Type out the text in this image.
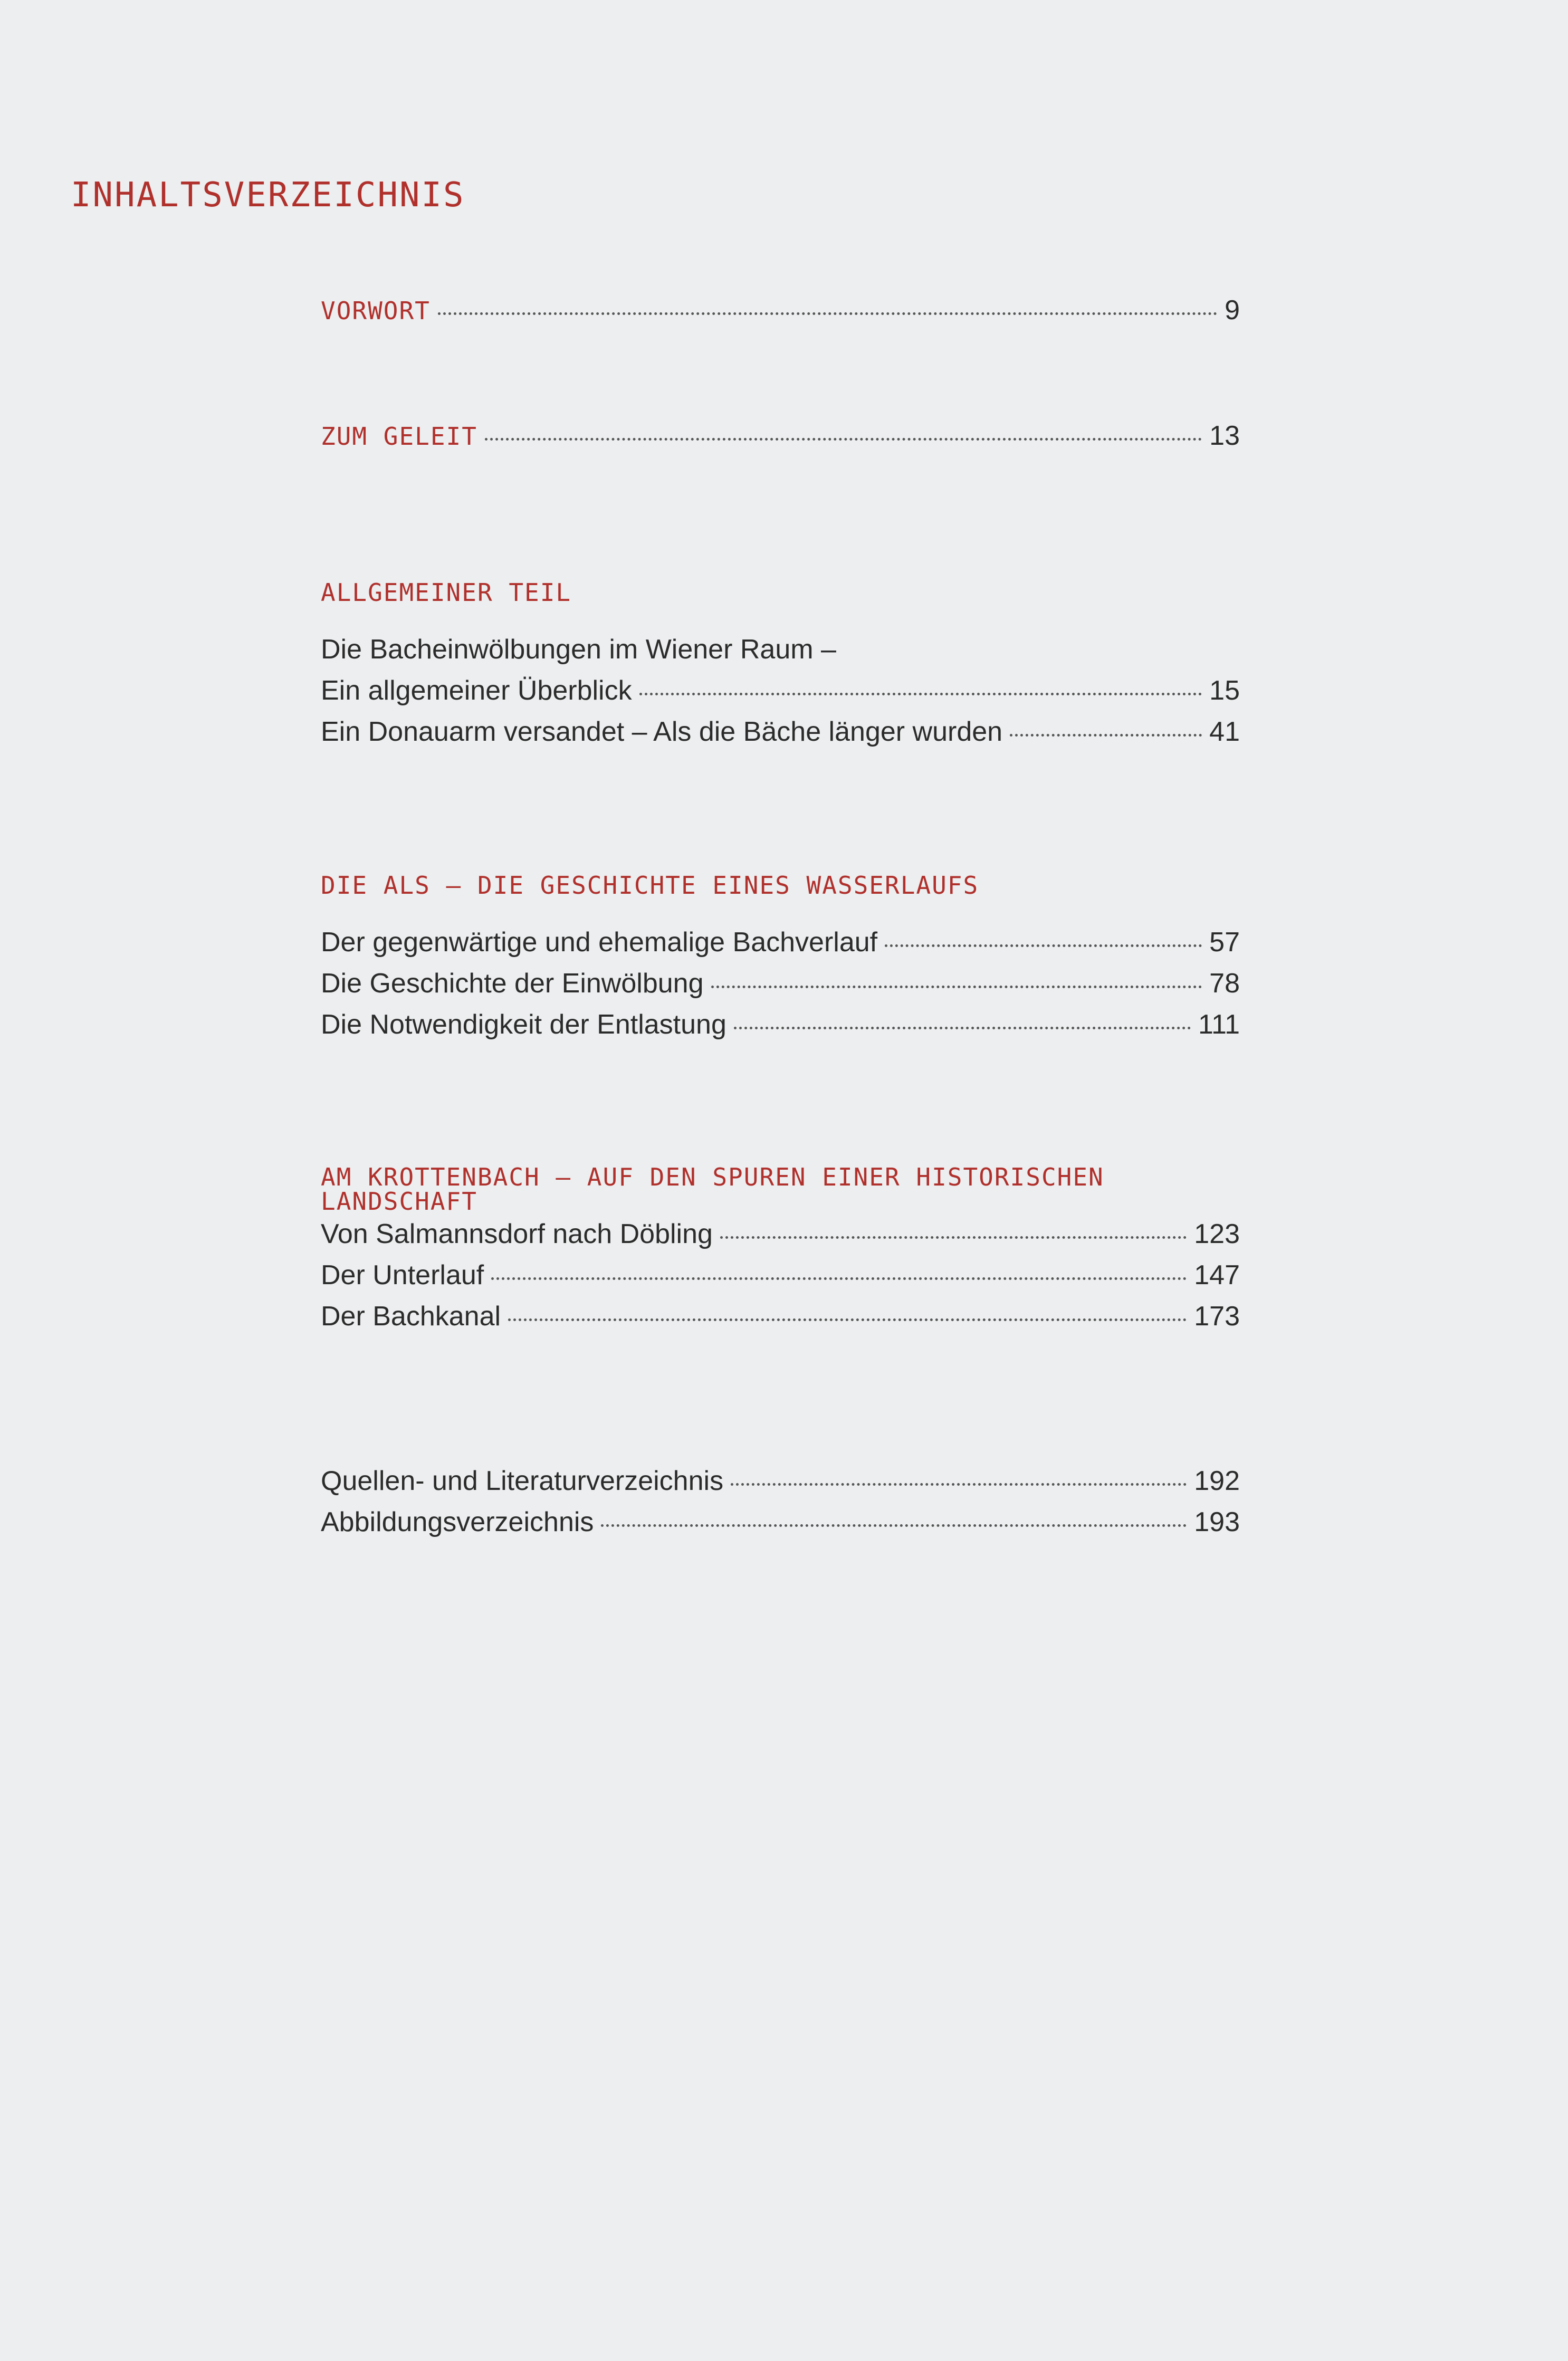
INHALTSVERZEICHNIS
VORWORT	9
ZUM GELEIT	13
ALLGEMEINER TEIL
Die Bacheinwölbungen im Wiener Raum –
Ein allgemeiner Überblick	15
Ein Donauarm versandet – Als die Bäche länger wurden	41
DIE ALS – DIE GESCHICHTE EINES WASSERLAUFS
Der gegenwärtige und ehemalige Bachverlauf	57
Die Geschichte der Einwölbung	78
Die Notwendigkeit der Entlastung	111
AM KROTTENBACH – AUF DEN SPUREN EINER HISTORISCHEN LANDSCHAFT
Von Salmannsdorf nach Döbling	123
Der Unterlauf	147
Der Bachkanal	173
Quellen- und Literaturverzeichnis	192
Abbildungsverzeichnis	193
